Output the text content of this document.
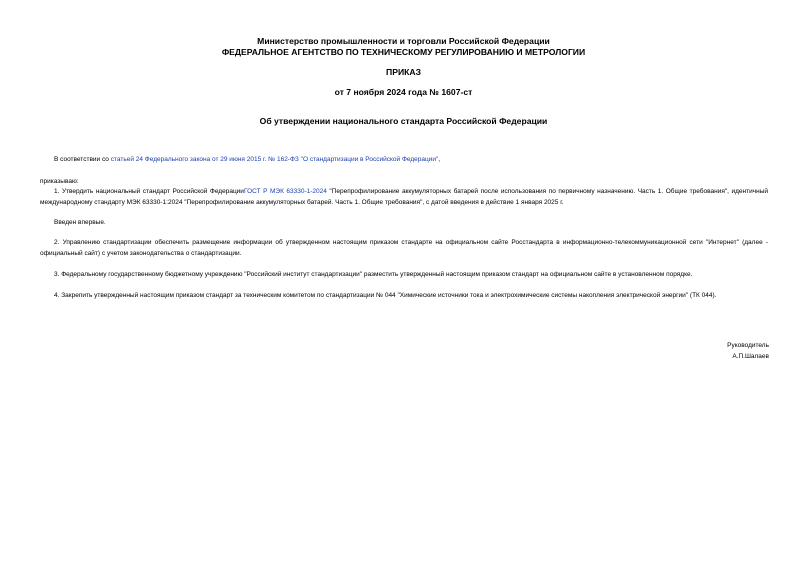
Министерство промышленности и торговли Российской Федерации
ФЕДЕРАЛЬНОЕ АГЕНТСТВО ПО ТЕХНИЧЕСКОМУ РЕГУЛИРОВАНИЮ И МЕТРОЛОГИИ
ПРИКАЗ
от 7 ноября 2024 года № 1607-ст
Об утверждении национального стандарта Российской Федерации
В соответствии со статьей 24 Федерального закона от 29 июня 2015 г. № 162-ФЗ "О стандартизации в Российской Федерации",
приказываю:
1. Утвердить национальный стандарт Российской ФедерацииГОСТ Р МЭК 63330-1-2024 "Перепрофилирование аккумуляторных батарей после использования по первичному назначению. Часть 1. Общие требования", идентичный международному стандарту МЭК 63330-1:2024 "Перепрофилирование аккумуляторных батарей. Часть 1. Общие требования", с датой введения в действие 1 января 2025 г.
Введен впервые.
2. Управлению стандартизации обеспечить размещение информации об утвержденном настоящим приказом стандарте на официальном сайте Росстандарта в информационно-телекоммуникационной сети "Интернет" (далее - официальный сайт) с учетом законодательства о стандартизации.
3. Федеральному государственному бюджетному учреждению "Российский институт стандартизации" разместить утвержденный настоящим приказом стандарт на официальном сайте в установленном порядке.
4. Закрепить утвержденный настоящим приказом стандарт за техническим комитетом по стандартизации № 044 "Химические источники тока и электрохимические системы накопления электрической энергии" (ТК 044).
Руководитель
А.П.Шалаев
